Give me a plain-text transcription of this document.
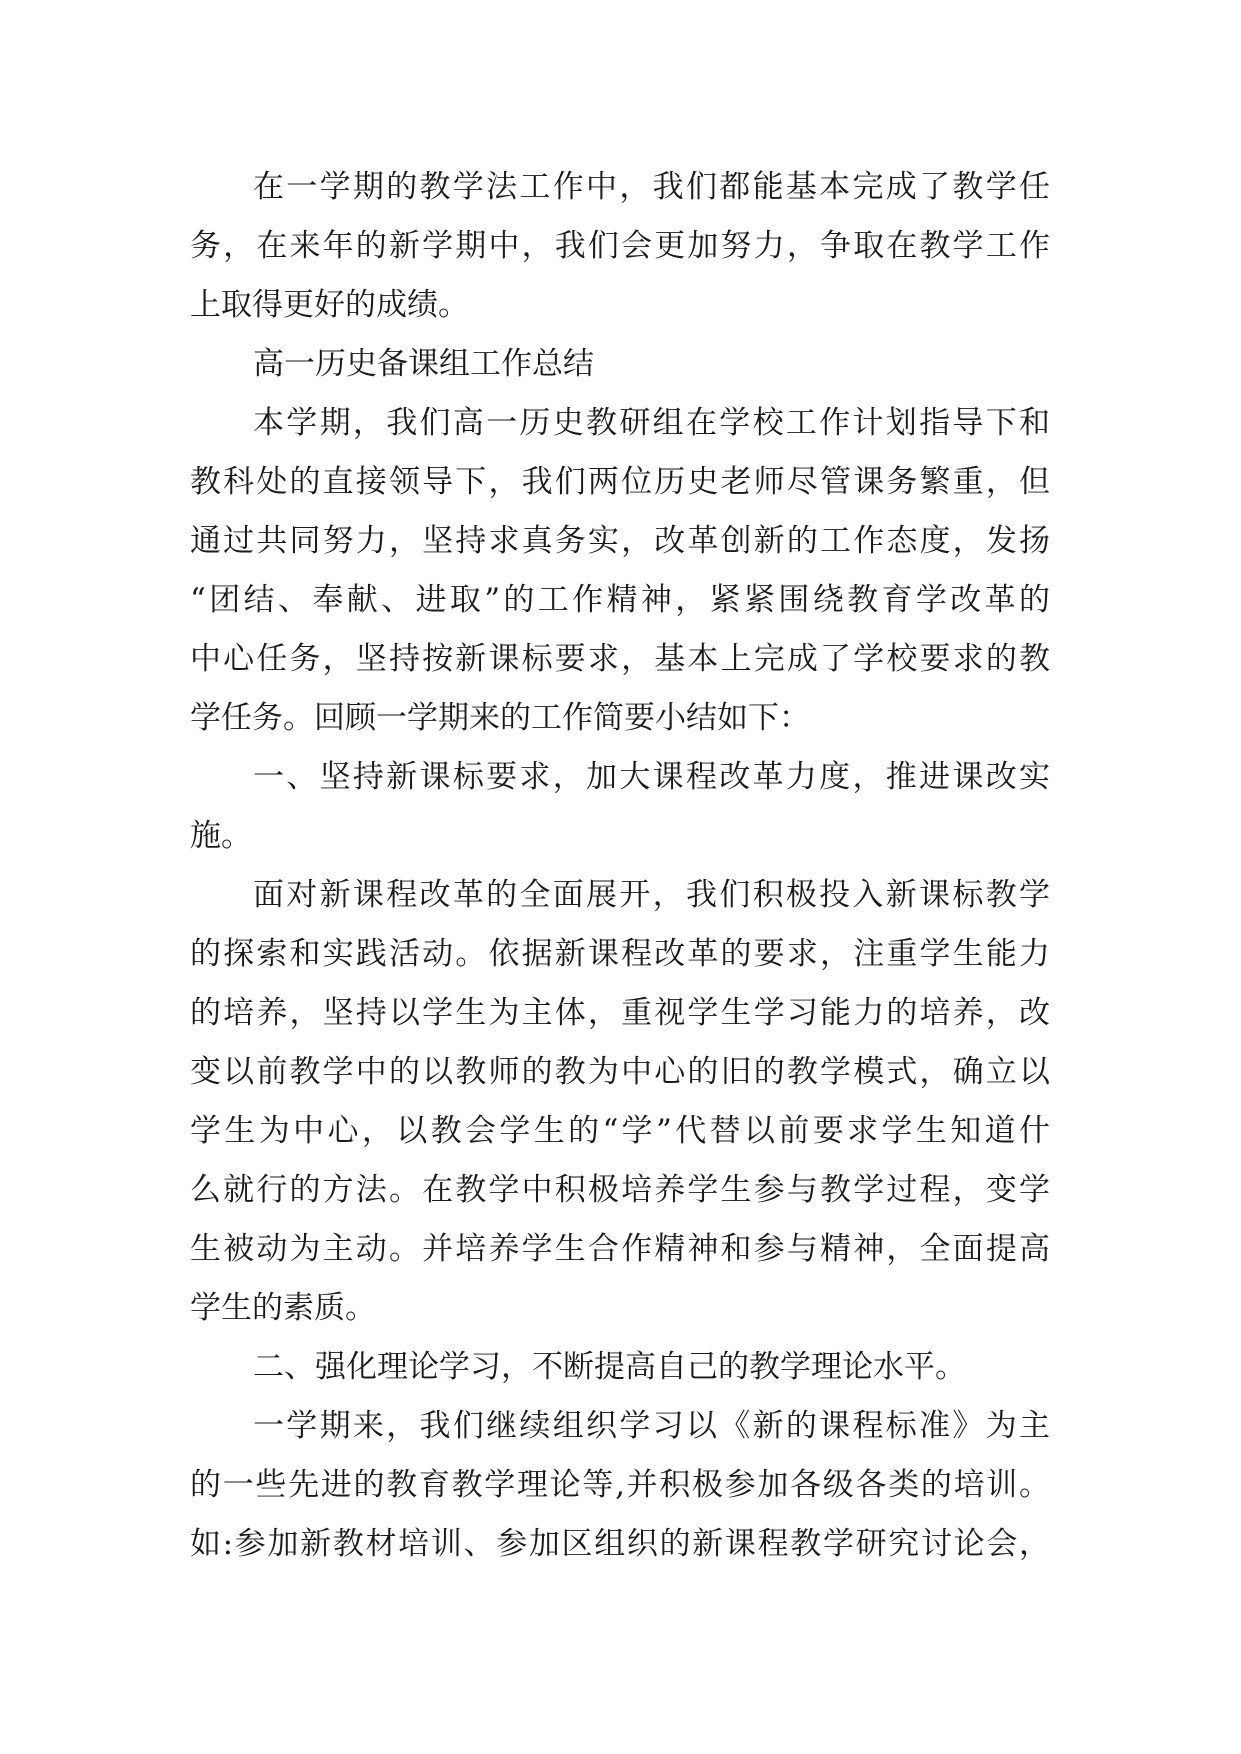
在一学期的教学法工作中，我们都能基本完成了教学任
务，在来年的新学期中，我们会更加努力，争取在教学工作
上取得更好的成绩。
高一历史备课组工作总结
本学期，我们高一历史教研组在学校工作计划指导下和
教科处的直接领导下，我们两位历史老师尽管课务繁重，但
通过共同努力，坚持求真务实，改革创新的工作态度，发扬
“团结、奉献、进取”的工作精神，紧紧围绕教育学改革的
中心任务，坚持按新课标要求，基本上完成了学校要求的教
学任务。回顾一学期来的工作简要小结如下：
一、坚持新课标要求，加大课程改革力度，推进课改实
施。
面对新课程改革的全面展开，我们积极投入新课标教学
的探索和实践活动。依据新课程改革的要求，注重学生能力
的培养，坚持以学生为主体，重视学生学习能力的培养，改
变以前教学中的以教师的教为中心的旧的教学模式，确立以
学生为中心，以教会学生的“学”代替以前要求学生知道什
么就行的方法。在教学中积极培养学生参与教学过程，变学
生被动为主动。并培养学生合作精神和参与精神，全面提高
学生的素质。
二、强化理论学习，不断提高自己的教学理论水平。
一学期来，我们继续组织学习以《新的课程标准》为主
的一些先进的教育教学理论等,并积极参加各级各类的培训。
如:参加新教材培训、参加区组织的新课程教学研究讨论会，
